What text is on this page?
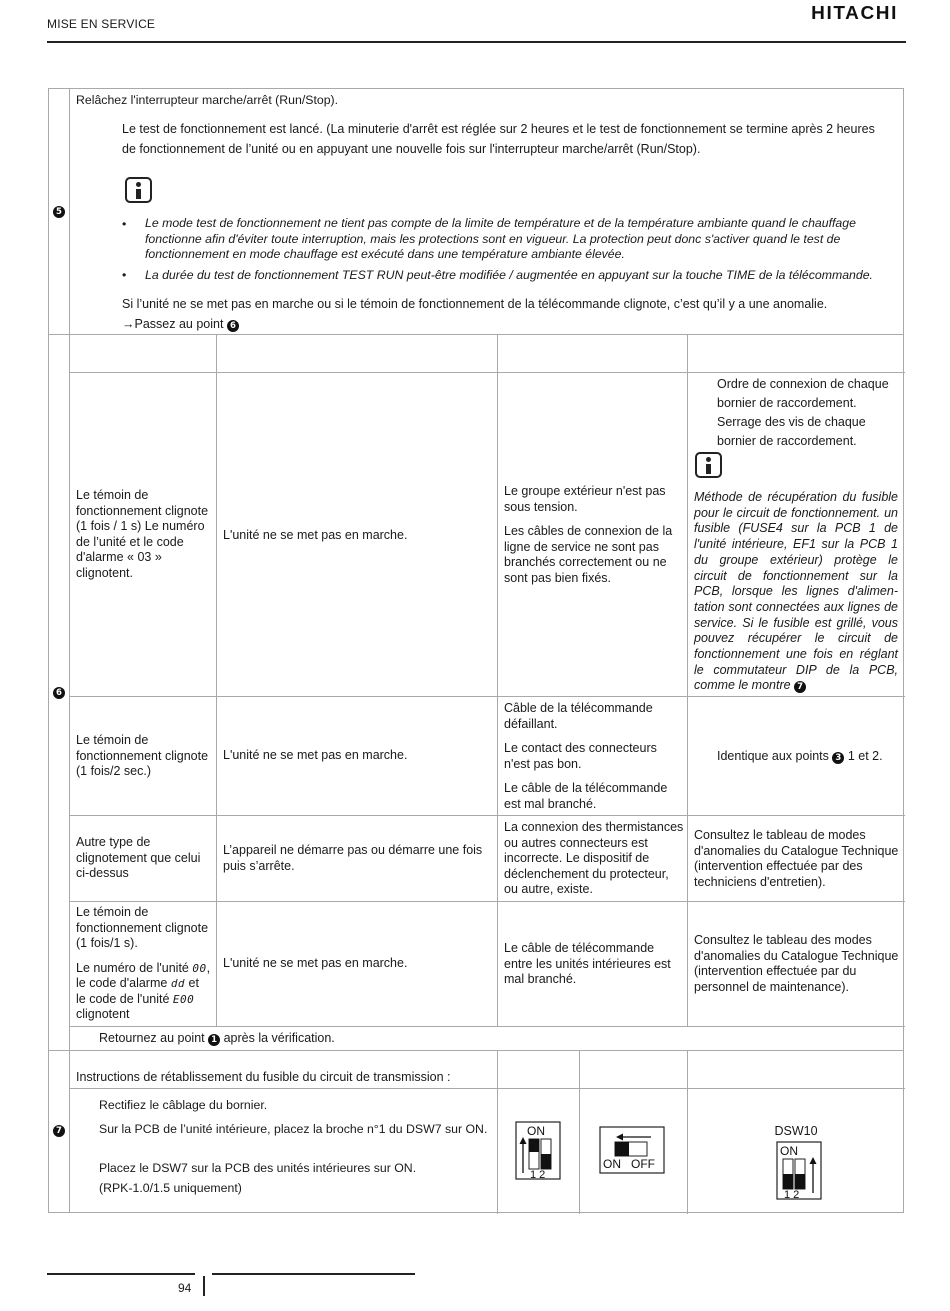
MISE EN SERVICE
HITACHI
5
Relâchez l'interrupteur marche/arrêt (Run/Stop).
Le test de fonctionnement est lancé. (La minuterie d'arrêt est réglée sur 2 heures et le test de fonctionnement se termine après 2 heures de fonctionnement de l’unité ou en appuyant une nouvelle fois sur l'interrupteur marche/arrêt (Run/Stop).
• Le mode test de fonctionnement ne tient pas compte de la limite de température et de la température ambiante quand le chauffage fonctionne afin d'éviter toute interruption, mais les protections sont en vigueur. La protection peut donc s'activer quand le test de fonctionnement en mode chauffage est exécuté dans une température ambiante élevée.
• La durée du test de fonctionnement TEST RUN peut-être modifiée / augmentée en appuyant sur la touche TIME de la télécommande.
Si l’unité ne se met pas en marche ou si le témoin de fonctionnement de la télécommande clignote, c’est qu’il y a une anomalie.
→Passez au point 6
6
Le témoin de fonctionnement clignote (1 fois / 1 s) Le numéro de l’unité et le code d'alarme « 03 » clignotent.
L'unité ne se met pas en marche.

Le groupe extérieur n'est pas sous tension.

Les câbles de connexion de la ligne de service ne sont pas branchés correctement ou ne sont pas bien fixés.

Ordre de connexion de chaque bornier de raccordement.
Serrage des vis de chaque bornier de raccordement.
Méthode de récupération du fusible pour le circuit de fonctionnement. un fusible (FUSE4 sur la PCB 1 de l'unité intérieure, EF1 sur la PCB 1 du groupe extérieur) protège le circuit de fonctionnement sur la PCB, lorsque les lignes d'alimen-tation sont connectées aux lignes de service. Si le fusible est grillé, vous pouvez récupérer le circuit de fonctionnement une fois en réglant le commutateur DIP de la PCB, comme le montre 7
Le témoin de fonctionnement clignote (1 fois/2 sec.)
L'unité ne se met pas en marche.

Câble de la télécommande défaillant.

Le contact des connecteurs n'est pas bon.

Le câble de la télécommande est mal branché.

Identique aux points 3 1 et 2.
Autre type de clignotement que celui ci-dessus
L’appareil ne démarre pas ou démarre une fois puis s’arrête.
La connexion des thermistances ou autres connecteurs est incorrecte. Le dispositif de déclenchement du protecteur, ou autre, existe.
Consultez le tableau de modes d'anomalies du Catalogue Technique (intervention effectuée par des techniciens d'entretien).

Le témoin de fonctionnement clignote (1 fois/1 s).

Le numéro de l'unité 00, le code d'alarme dd et le code de l'unité E00 clignotent

L'unité ne se met pas en marche.
Le câble de télécommande entre les unités intérieures est mal branché.
Consultez le tableau des modes d'anomalies du Catalogue Technique (intervention effectuée par du personnel de maintenance).
Retournez au point 1 après la vérification.
7
Instructions de rétablissement du fusible du circuit de transmission :
Rectifiez le câblage du bornier.
Sur la PCB de l’unité intérieure, placez la broche n°1 du DSW7 sur ON.
Placez le DSW7 sur la PCB des unités intérieures sur ON.
(RPK-1.0/1.5 uniquement)
ON
1 2
ON OFF
DSW10
ON
1 2
94
